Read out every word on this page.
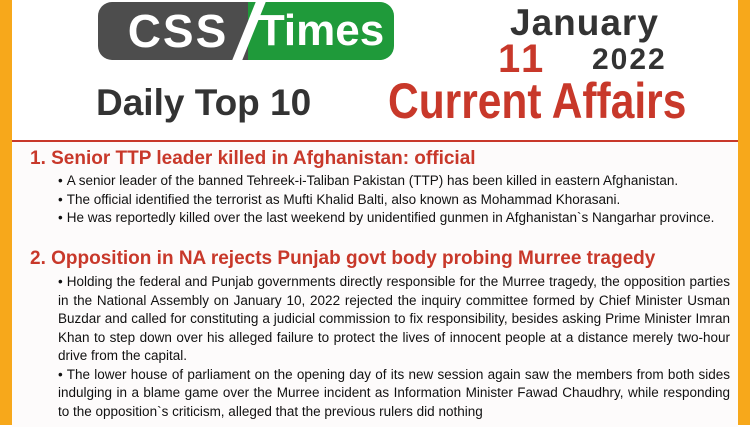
CSS Times	January
11 2022
Daily Top 10 Current Affairs
1. Senior TTP leader killed in Afghanistan: official

• A senior leader of the banned Tehreek-i-Taliban Pakistan (TTP) has been killed in eastern Afghanistan.

• The official identified the terrorist as Mufti Khalid Balti, also known as Mohammad Khorasani.

• He was reportedly killed over the last weekend by unidentified gunmen in Afghanistan`s Nangarhar province.

2. Opposition in NA rejects Punjab govt body probing Murree tragedy

• Holding the federal and Punjab governments directly responsible for the Murree tragedy, the opposition parties in the National Assembly on January 10, 2022 rejected the inquiry committee formed by Chief Minister Usman Buzdar and called for constituting a judicial commission to fix responsibility, besides asking Prime Minister Imran Khan to step down over his alleged failure to protect the lives of innocent people at a distance merely two-hour drive from the capital.

• The lower house of parliament on the opening day of its new session again saw the members from both sides indulging in a blame game over the Murree incident as Information Minister Fawad Chaudhry, while responding to the opposition`s criticism, alleged that the previous rulers did nothing
